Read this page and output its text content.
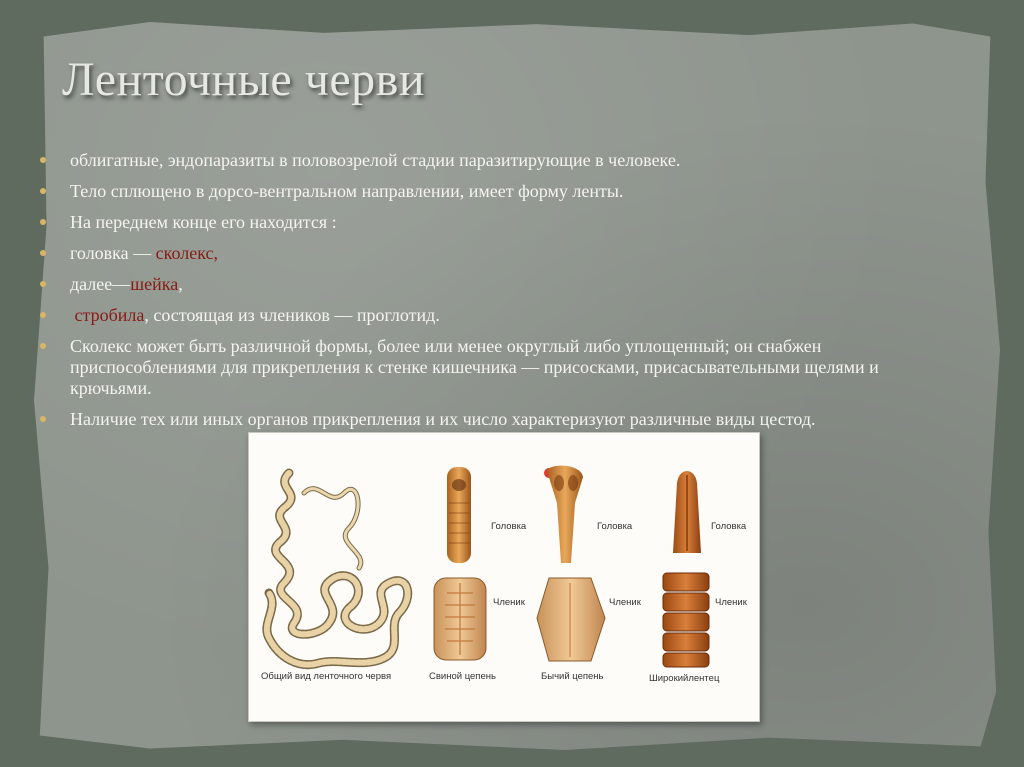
Ленточные черви
облигатные, эндопаразиты в половозрелой стадии паразитирующие в человеке.
Тело сплющено в дорсо-вентральном направлении, имеет форму ленты.
На переднем конце его находится :
головка — сколекс,
далее—шейка,
стробила, состоящая из члеников — проглотид.
Сколекс может быть различной формы, более или менее округлый либо уплощенный; он снабжен приспособлениями для прикрепления к стенке кишечника — присосками, присасывательными щелями и крючьями.
Наличие тех или иных органов прикрепления и их число характеризуют различные виды цестод.
Общий вид ленточного червя	Свиной цепень	Бычий цепень	Широкийлентец
Головка	Головка	Головка
Членик	Членик	Членик
